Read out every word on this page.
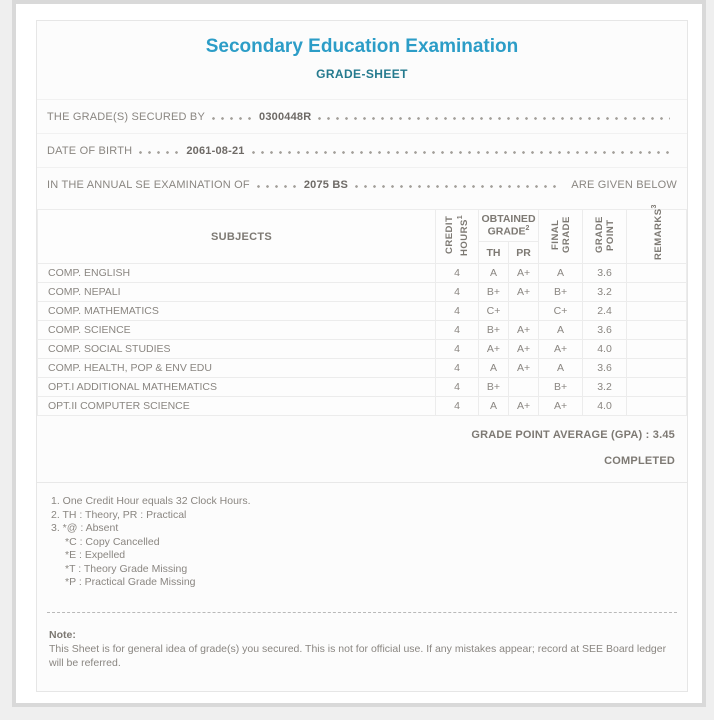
Secondary Education Examination
GRADE-SHEET
THE GRADE(S) SECURED BY	0300448R
DATE OF BIRTH	2061-08-21
IN THE ANNUAL SE EXAMINATION OF	2075 BS	ARE GIVEN BELOW
SUBJECTS	CREDIT HOURS$^1$	OBTAINED GRADE$^2$		FINAL GRADE	GRADE POINT	REMARKS$^3$
		TH	PR			
COMP. ENGLISH	4	A	A+	A	3.6	
COMP. NEPALI	4	B+	A+	B+	3.2	
COMP. MATHEMATICS	4	C+		C+	2.4	
COMP. SCIENCE	4	B+	A+	A	3.6	
COMP. SOCIAL STUDIES	4	A+	A+	A+	4.0	
COMP. HEALTH, POP & ENV EDU	4	A	A+	A	3.6	
OPT.I ADDITIONAL MATHEMATICS	4	B+		B+	3.2	
OPT.II COMPUTER SCIENCE	4	A	A+	A+	4.0	
GRADE POINT AVERAGE (GPA) : 3.45
COMPLETED
1. One Credit Hour equals 32 Clock Hours.
2. TH : Theory, PR : Practical
3. *@ : Absent
*C : Copy Cancelled
*E : Expelled
*T : Theory Grade Missing
*P : Practical Grade Missing
Note:
This Sheet is for general idea of grade(s) you secured. This is not for official use. If any mistakes appear; record at SEE Board ledger will be referred.
